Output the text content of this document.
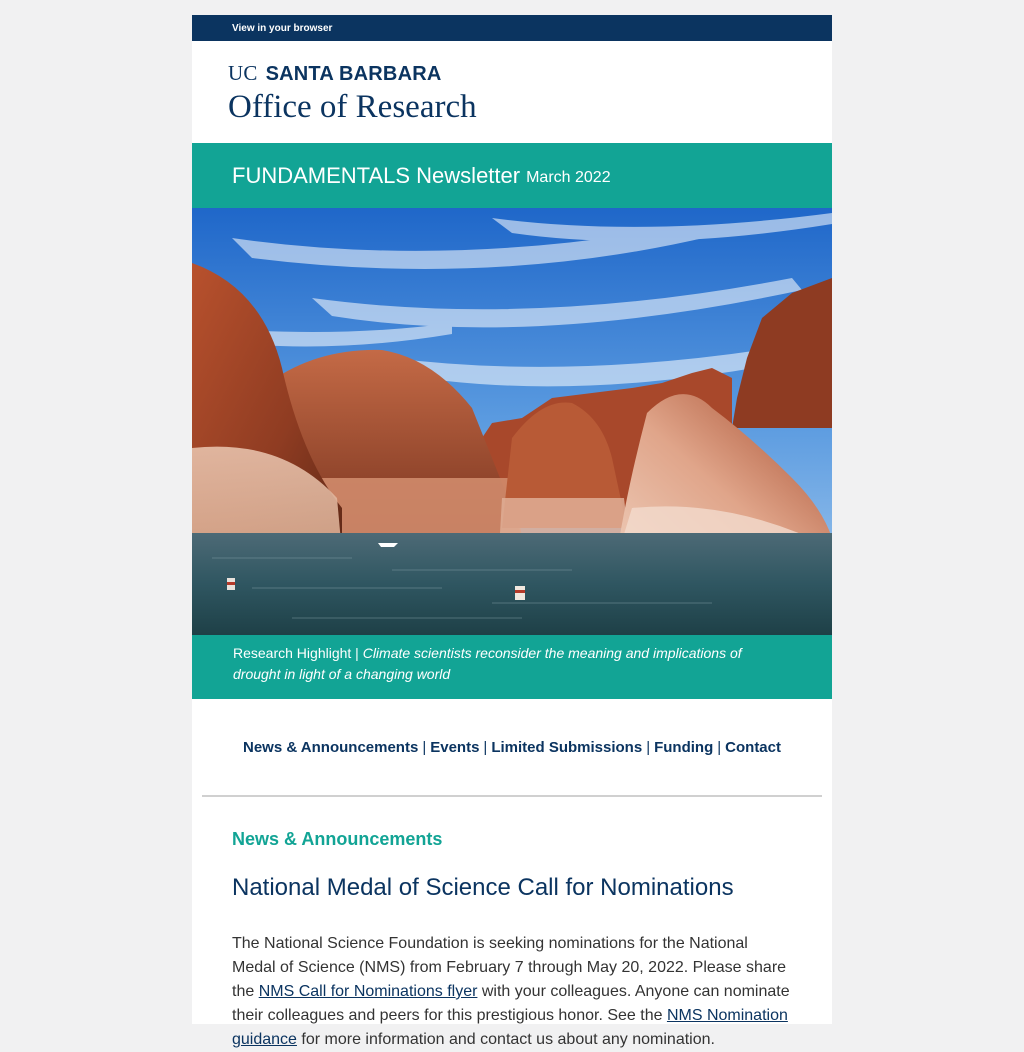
View in your browser
UC SANTA BARBARA
Office of Research
FUNDAMENTALS Newsletter March 2022
Research Highlight | Climate scientists reconsider the meaning and implications of drought in light of a changing world
News & Announcements | Events | Limited Submissions | Funding | Contact
News & Announcements
National Medal of Science Call for Nominations
The National Science Foundation is seeking nominations for the National Medal of Science (NMS) from February 7 through May 20, 2022. Please share the NMS Call for Nominations flyer with your colleagues. Anyone can nominate their colleagues and peers for this prestigious honor. See the NMS Nomination guidance for more information and contact us about any nomination.
